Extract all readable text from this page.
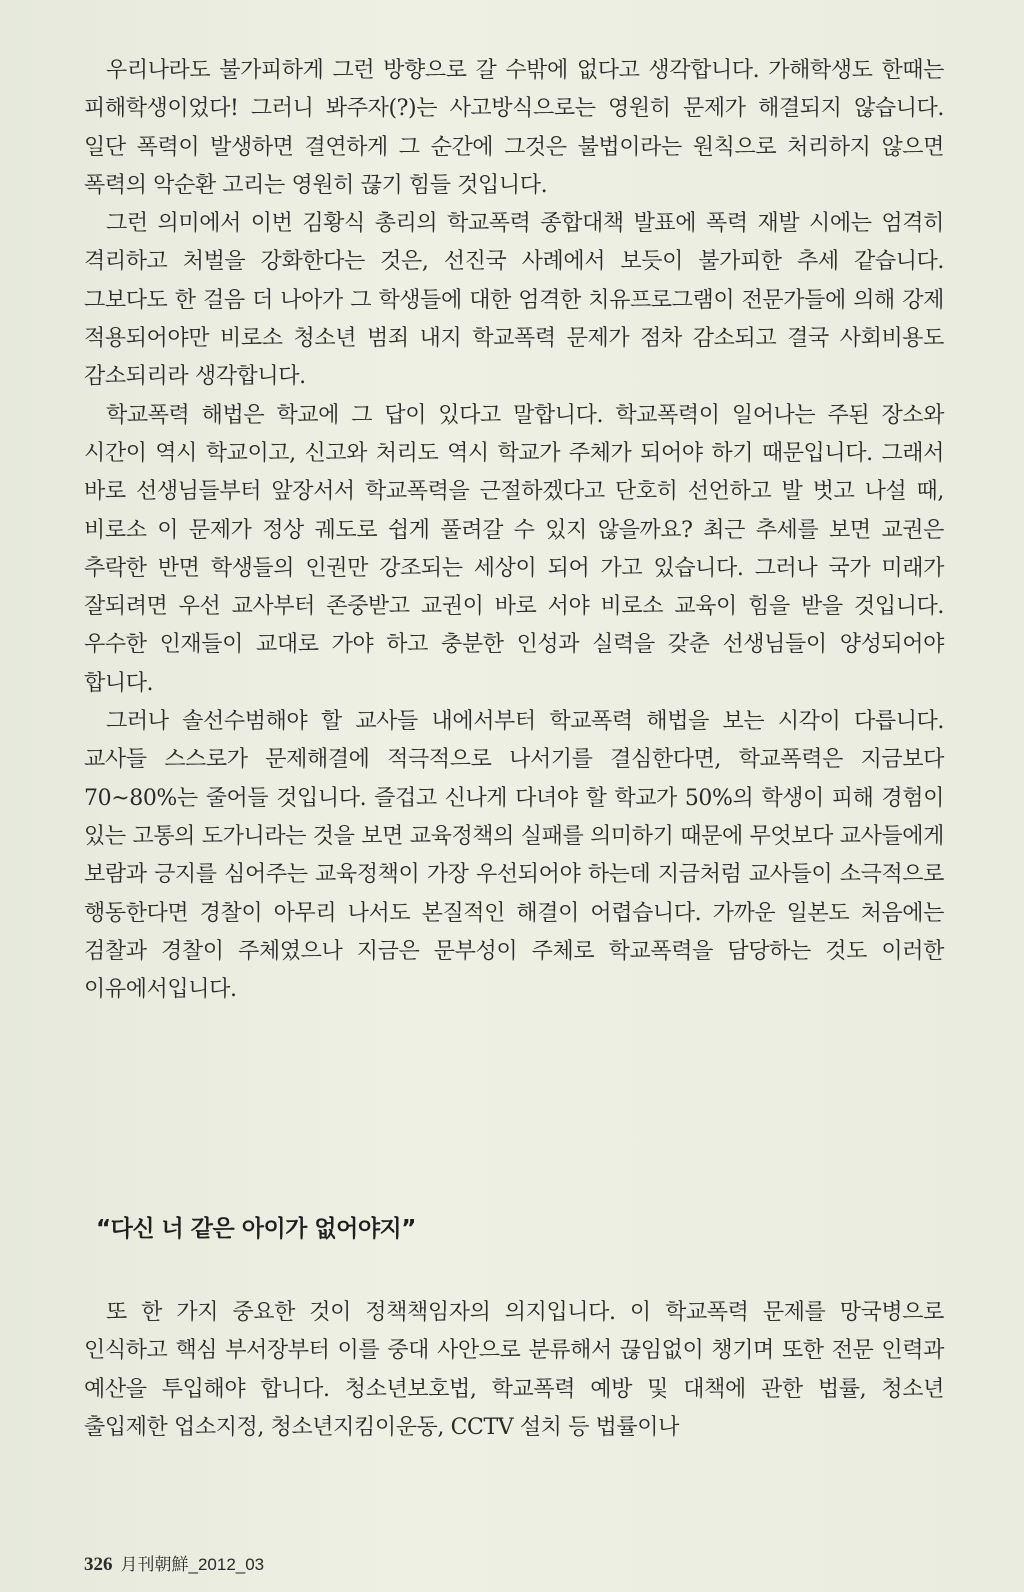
우리나라도 불가피하게 그런 방향으로 갈 수밖에 없다고 생각합니다. 가해학생도 한때는 피해학생이었다! 그러니 봐주자(?)는 사고방식으로는 영원히 문제가 해결되지 않습니다. 일단 폭력이 발생하면 결연하게 그 순간에 그것은 불법이라는 원칙으로 처리하지 않으면 폭력의 악순환 고리는 영원히 끊기 힘들 것입니다.

그런 의미에서 이번 김황식 총리의 학교폭력 종합대책 발표에 폭력 재발 시에는 엄격히 격리하고 처벌을 강화한다는 것은, 선진국 사례에서 보듯이 불가피한 추세 같습니다. 그보다도 한 걸음 더 나아가 그 학생들에 대한 엄격한 치유프로그램이 전문가들에 의해 강제 적용되어야만 비로소 청소년 범죄 내지 학교폭력 문제가 점차 감소되고 결국 사회비용도 감소되리라 생각합니다.

학교폭력 해법은 학교에 그 답이 있다고 말합니다. 학교폭력이 일어나는 주된 장소와 시간이 역시 학교이고, 신고와 처리도 역시 학교가 주체가 되어야 하기 때문입니다. 그래서 바로 선생님들부터 앞장서서 학교폭력을 근절하겠다고 단호히 선언하고 발 벗고 나설 때, 비로소 이 문제가 정상 궤도로 쉽게 풀려갈 수 있지 않을까요? 최근 추세를 보면 교권은 추락한 반면 학생들의 인권만 강조되는 세상이 되어 가고 있습니다. 그러나 국가 미래가 잘되려면 우선 교사부터 존중받고 교권이 바로 서야 비로소 교육이 힘을 받을 것입니다. 우수한 인재들이 교대로 가야 하고 충분한 인성과 실력을 갖춘 선생님들이 양성되어야 합니다.

그러나 솔선수범해야 할 교사들 내에서부터 학교폭력 해법을 보는 시각이 다릅니다. 교사들 스스로가 문제해결에 적극적으로 나서기를 결심한다면, 학교폭력은 지금보다 70~80%는 줄어들 것입니다. 즐겁고 신나게 다녀야 할 학교가 50%의 학생이 피해 경험이 있는 고통의 도가니라는 것을 보면 교육정책의 실패를 의미하기 때문에 무엇보다 교사들에게 보람과 긍지를 심어주는 교육정책이 가장 우선되어야 하는데 지금처럼 교사들이 소극적으로 행동한다면 경찰이 아무리 나서도 본질적인 해결이 어렵습니다. 가까운 일본도 처음에는 검찰과 경찰이 주체였으나 지금은 문부성이 주체로 학교폭력을 담당하는 것도 이러한 이유에서입니다.

“다신 너 같은 아이가 없어야지”

또 한 가지 중요한 것이 정책책임자의 의지입니다. 이 학교폭력 문제를 망국병으로 인식하고 핵심 부서장부터 이를 중대 사안으로 분류해서 끊임없이 챙기며 또한 전문 인력과 예산을 투입해야 합니다. 청소년보호법, 학교폭력 예방 및 대책에 관한 법률, 청소년 출입제한 업소지정, 청소년지킴이운동, CCTV 설치 등 법률이나

326 月刊朝鮮_2012_03
